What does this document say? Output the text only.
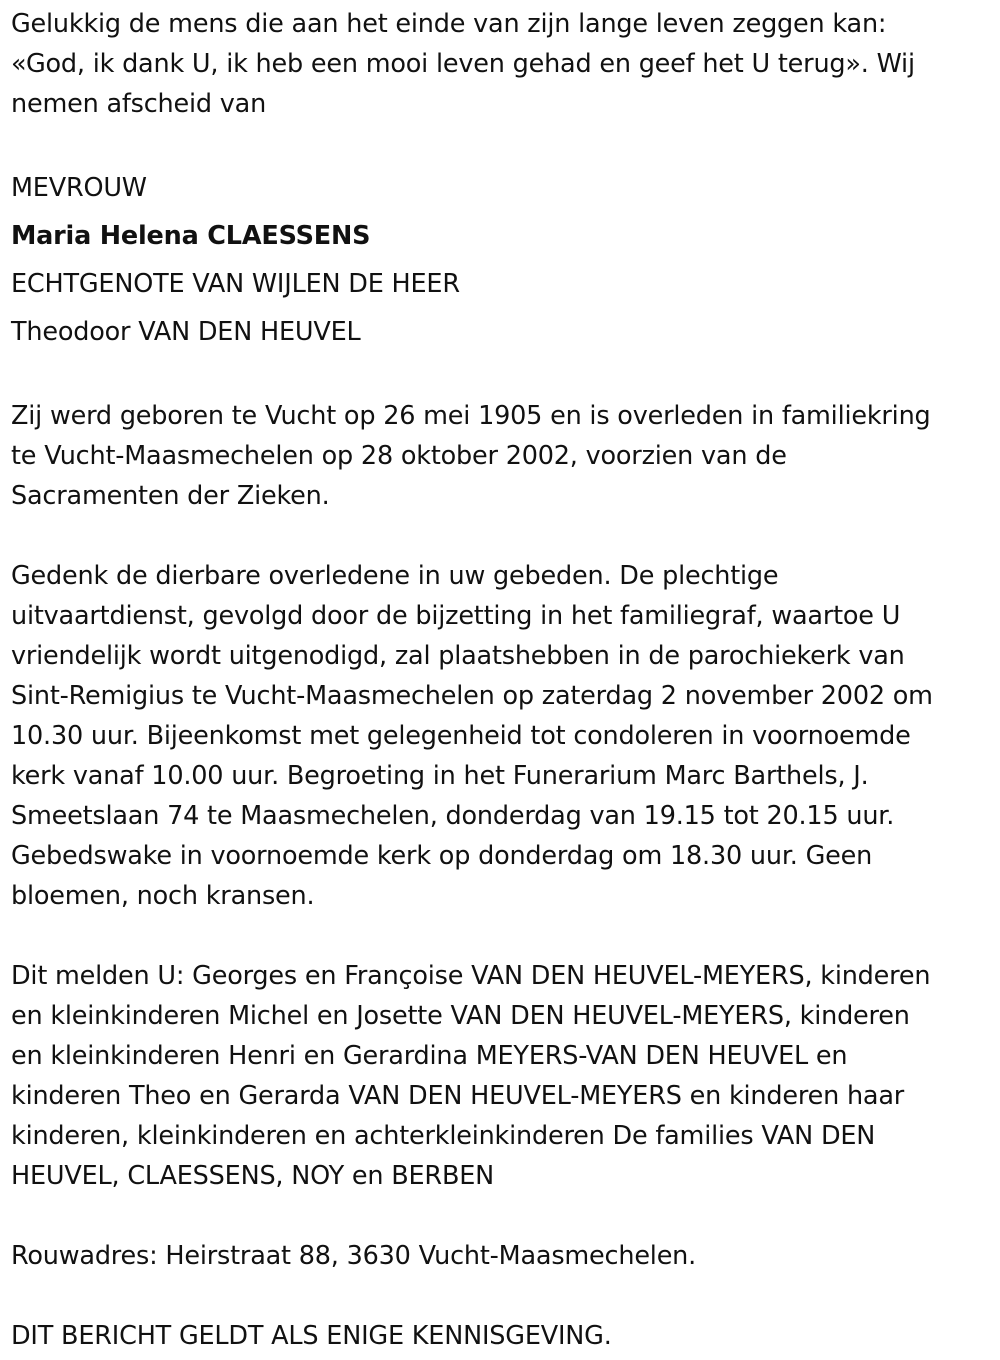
Gelukkig de mens die aan het einde van zijn lange leven zeggen kan:
«God, ik dank U, ik heb een mooi leven gehad en geef het U terug». Wij
nemen afscheid van

MEVROUW

Maria Helena CLAESSENS

ECHTGENOTE VAN WIJLEN DE HEER

Theodoor VAN DEN HEUVEL

Zij werd geboren te Vucht op 26 mei 1905 en is overleden in familiekring
te Vucht-Maasmechelen op 28 oktober 2002, voorzien van de
Sacramenten der Zieken.

Gedenk de dierbare overledene in uw gebeden. De plechtige
uitvaartdienst, gevolgd door de bijzetting in het familiegraf, waartoe U
vriendelijk wordt uitgenodigd, zal plaatshebben in de parochiekerk van
Sint-Remigius te Vucht-Maasmechelen op zaterdag 2 november 2002 om
10.30 uur. Bijeenkomst met gelegenheid tot condoleren in voornoemde
kerk vanaf 10.00 uur. Begroeting in het Funerarium Marc Barthels, J.
Smeetslaan 74 te Maasmechelen, donderdag van 19.15 tot 20.15 uur.
Gebedswake in voornoemde kerk op donderdag om 18.30 uur. Geen
bloemen, noch kransen.

Dit melden U: Georges en Françoise VAN DEN HEUVEL-MEYERS, kinderen
en kleinkinderen Michel en Josette VAN DEN HEUVEL-MEYERS, kinderen
en kleinkinderen Henri en Gerardina MEYERS-VAN DEN HEUVEL en
kinderen Theo en Gerarda VAN DEN HEUVEL-MEYERS en kinderen haar
kinderen, kleinkinderen en achterkleinkinderen De families VAN DEN
HEUVEL, CLAESSENS, NOY en BERBEN

Rouwadres: Heirstraat 88, 3630 Vucht-Maasmechelen.

DIT BERICHT GELDT ALS ENIGE KENNISGEVING.
